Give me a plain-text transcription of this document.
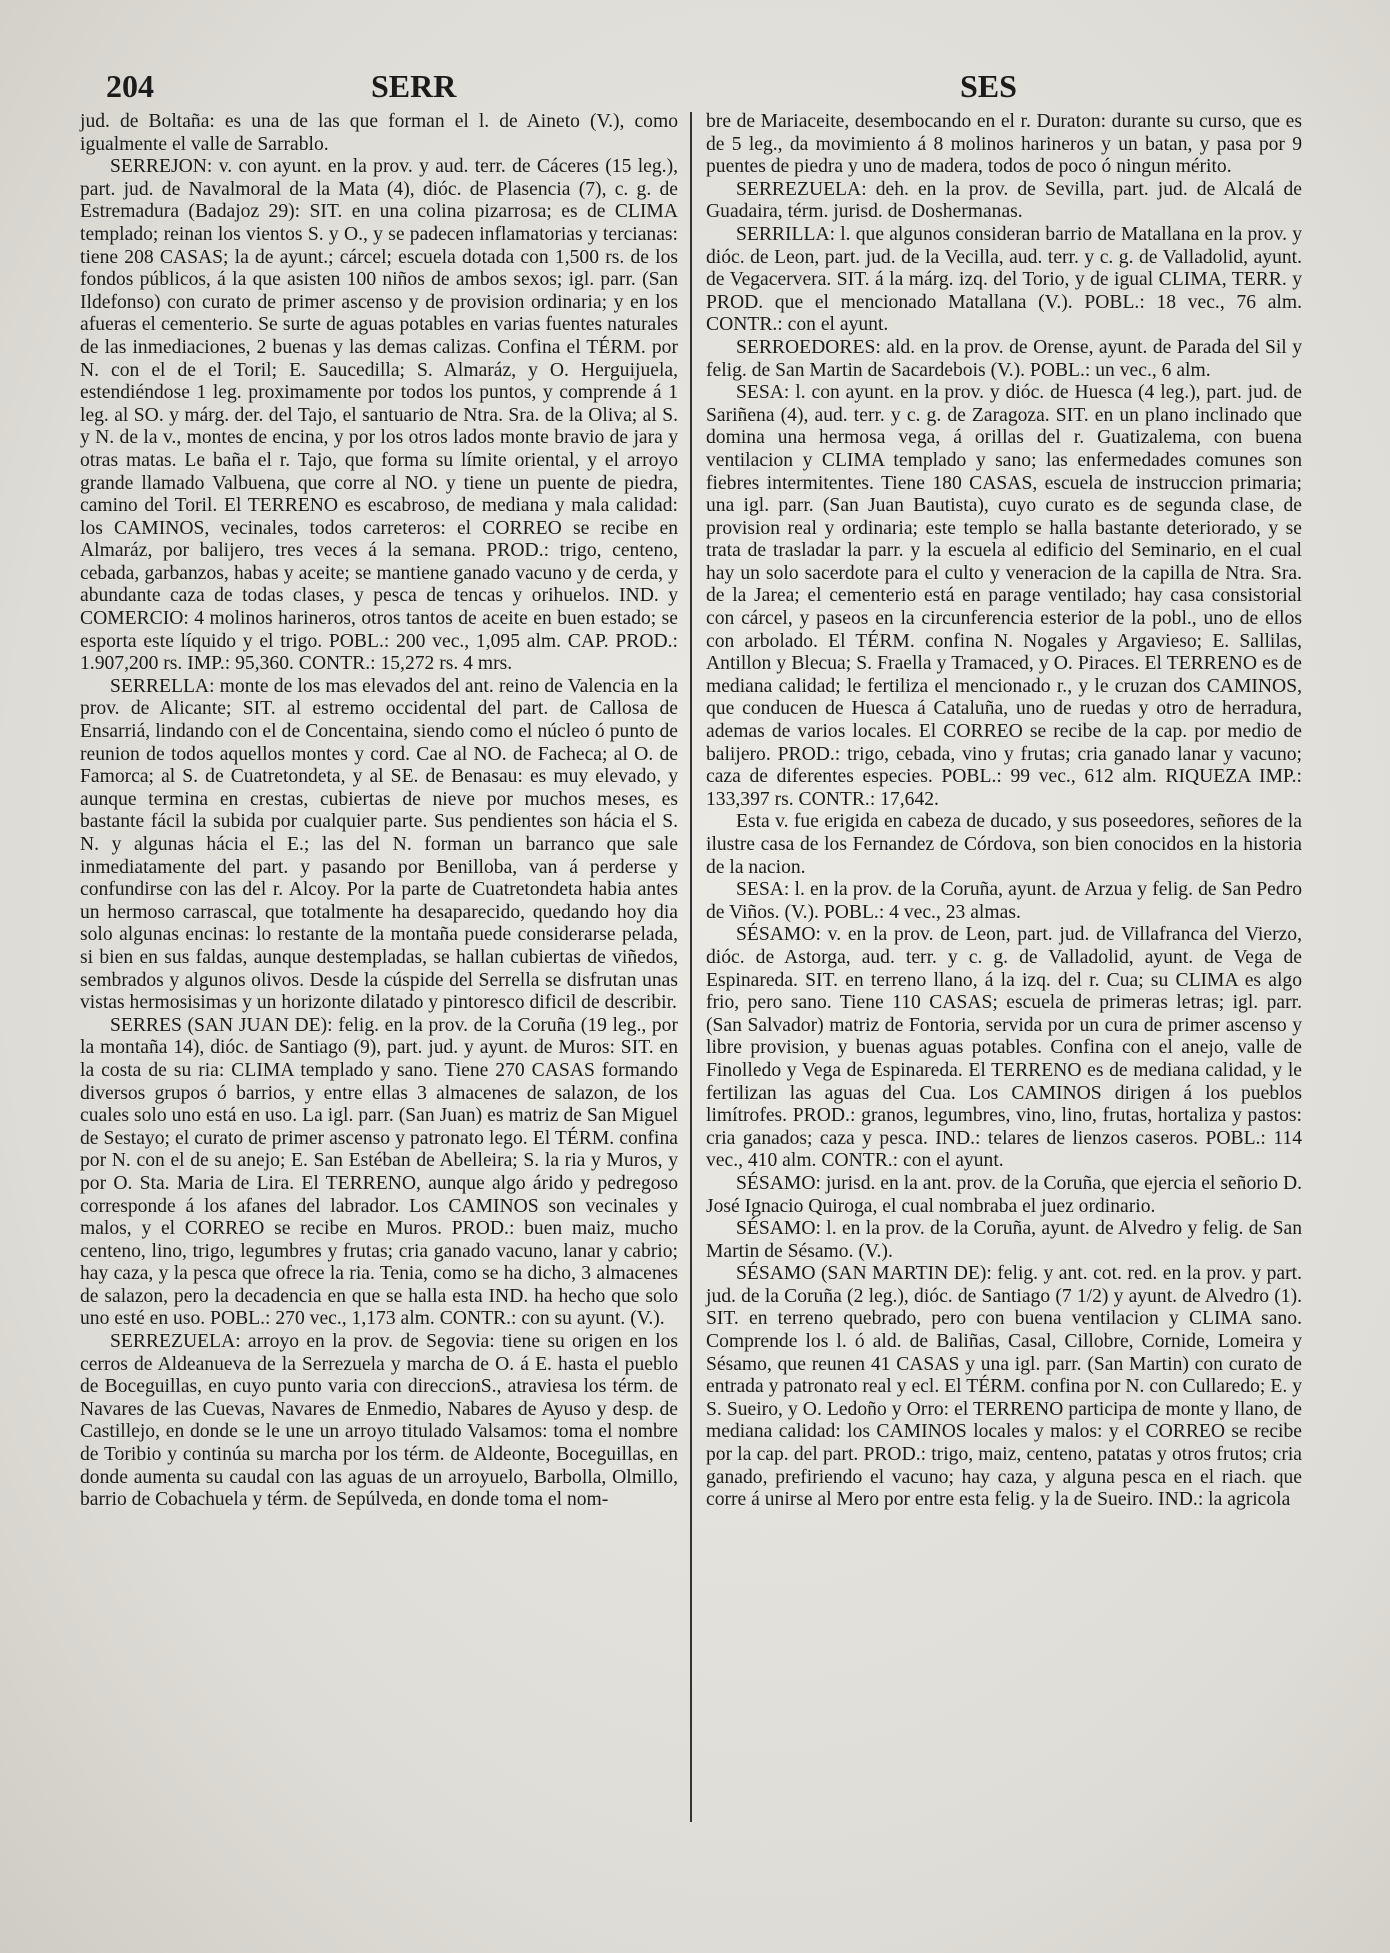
204	SERR	SES

jud. de Boltaña: es una de las que forman el l. de Aineto (V.), como igualmente el valle de Sarrablo.

SERREJON: v. con ayunt. en la prov. y aud. terr. de Cáceres (15 leg.), part. jud. de Navalmoral de la Mata (4), dióc. de Plasencia (7), c. g. de Estremadura (Badajoz 29): SIT. en una colina pizarrosa; es de CLIMA templado; reinan los vientos S. y O., y se padecen inflamatorias y tercianas: tiene 208 CASAS; la de ayunt.; cárcel; escuela dotada con 1,500 rs. de los fondos públicos, á la que asisten 100 niños de ambos sexos; igl. parr. (San Ildefonso) con curato de primer ascenso y de provision ordinaria; y en los afueras el cementerio. Se surte de aguas potables en varias fuentes naturales de las inmediaciones, 2 buenas y las demas calizas. Confina el TÉRM. por N. con el de el Toril; E. Saucedilla; S. Almaráz, y O. Herguijuela, estendiéndose 1 leg. proximamente por todos los puntos, y comprende á 1 leg. al SO. y márg. der. del Tajo, el santuario de Ntra. Sra. de la Oliva; al S. y N. de la v., montes de encina, y por los otros lados monte bravio de jara y otras matas. Le baña el r. Tajo, que forma su límite oriental, y el arroyo grande llamado Valbuena, que corre al NO. y tiene un puente de piedra, camino del Toril. El TERRENO es escabroso, de mediana y mala calidad: los CAMINOS, vecinales, todos carreteros: el CORREO se recibe en Almaráz, por balijero, tres veces á la semana. PROD.: trigo, centeno, cebada, garbanzos, habas y aceite; se mantiene ganado vacuno y de cerda, y abundante caza de todas clases, y pesca de tencas y orihuelos. IND. y COMERCIO: 4 molinos harineros, otros tantos de aceite en buen estado; se esporta este líquido y el trigo. POBL.: 200 vec., 1,095 alm. CAP. PROD.: 1.907,200 rs. IMP.: 95,360. CONTR.: 15,272 rs. 4 mrs.

SERRELLA: monte de los mas elevados del ant. reino de Valencia en la prov. de Alicante; SIT. al estremo occidental del part. de Callosa de Ensarriá, lindando con el de Concentaina, siendo como el núcleo ó punto de reunion de todos aquellos montes y cord. Cae al NO. de Facheca; al O. de Famorca; al S. de Cuatretondeta, y al SE. de Benasau: es muy elevado, y aunque termina en crestas, cubiertas de nieve por muchos meses, es bastante fácil la subida por cualquier parte. Sus pendientes son hácia el S. N. y algunas hácia el E.; las del N. forman un barranco que sale inmediatamente del part. y pasando por Benilloba, van á perderse y confundirse con las del r. Alcoy. Por la parte de Cuatretondeta habia antes un hermoso carrascal, que totalmente ha desaparecido, quedando hoy dia solo algunas encinas: lo restante de la montaña puede considerarse pelada, si bien en sus faldas, aunque destempladas, se hallan cubiertas de viñedos, sembrados y algunos olivos. Desde la cúspide del Serrella se disfrutan unas vistas hermosisimas y un horizonte dilatado y pintoresco dificil de describir.

SERRES (SAN JUAN DE): felig. en la prov. de la Coruña (19 leg., por la montaña 14), dióc. de Santiago (9), part. jud. y ayunt. de Muros: SIT. en la costa de su ria: CLIMA templado y sano. Tiene 270 CASAS formando diversos grupos ó barrios, y entre ellas 3 almacenes de salazon, de los cuales solo uno está en uso. La igl. parr. (San Juan) es matriz de San Miguel de Sestayo; el curato de primer ascenso y patronato lego. El TÉRM. confina por N. con el de su anejo; E. San Estéban de Abelleira; S. la ria y Muros, y por O. Sta. Maria de Lira. El TERRENO, aunque algo árido y pedregoso corresponde á los afanes del labrador. Los CAMINOS son vecinales y malos, y el CORREO se recibe en Muros. PROD.: buen maiz, mucho centeno, lino, trigo, legumbres y frutas; cria ganado vacuno, lanar y cabrio; hay caza, y la pesca que ofrece la ria. Tenia, como se ha dicho, 3 almacenes de salazon, pero la decadencia en que se halla esta IND. ha hecho que solo uno esté en uso. POBL.: 270 vec., 1,173 alm. CONTR.: con su ayunt. (V.).

SERREZUELA: arroyo en la prov. de Segovia: tiene su origen en los cerros de Aldeanueva de la Serrezuela y marcha de O. á E. hasta el pueblo de Boceguillas, en cuyo punto varia con direccionS., atraviesa los térm. de Navares de las Cuevas, Navares de Enmedio, Nabares de Ayuso y desp. de Castillejo, en donde se le une un arroyo titulado Valsamos: toma el nombre de Toribio y continúa su marcha por los térm. de Aldeonte, Boceguillas, en donde aumenta su caudal con las aguas de un arroyuelo, Barbolla, Olmillo, barrio de Cobachuela y térm. de Sepúlveda, en donde toma el nom-

bre de Mariaceite, desembocando en el r. Duraton: durante su curso, que es de 5 leg., da movimiento á 8 molinos harineros y un batan, y pasa por 9 puentes de piedra y uno de madera, todos de poco ó ningun mérito.

SERREZUELA: deh. en la prov. de Sevilla, part. jud. de Alcalá de Guadaira, térm. jurisd. de Doshermanas.

SERRILLA: l. que algunos consideran barrio de Matallana en la prov. y dióc. de Leon, part. jud. de la Vecilla, aud. terr. y c. g. de Valladolid, ayunt. de Vegacervera. SIT. á la márg. izq. del Torio, y de igual CLIMA, TERR. y PROD. que el mencionado Matallana (V.). POBL.: 18 vec., 76 alm. CONTR.: con el ayunt.

SERROEDORES: ald. en la prov. de Orense, ayunt. de Parada del Sil y felig. de San Martin de Sacardebois (V.). POBL.: un vec., 6 alm.

SESA: l. con ayunt. en la prov. y dióc. de Huesca (4 leg.), part. jud. de Sariñena (4), aud. terr. y c. g. de Zaragoza. SIT. en un plano inclinado que domina una hermosa vega, á orillas del r. Guatizalema, con buena ventilacion y CLIMA templado y sano; las enfermedades comunes son fiebres intermitentes. Tiene 180 CASAS, escuela de instruccion primaria; una igl. parr. (San Juan Bautista), cuyo curato es de segunda clase, de provision real y ordinaria; este templo se halla bastante deteriorado, y se trata de trasladar la parr. y la escuela al edificio del Seminario, en el cual hay un solo sacerdote para el culto y veneracion de la capilla de Ntra. Sra. de la Jarea; el cementerio está en parage ventilado; hay casa consistorial con cárcel, y paseos en la circunferencia esterior de la pobl., uno de ellos con arbolado. El TÉRM. confina N. Nogales y Argavieso; E. Sallilas, Antillon y Blecua; S. Fraella y Tramaced, y O. Piraces. El TERRENO es de mediana calidad; le fertiliza el mencionado r., y le cruzan dos CAMINOS, que conducen de Huesca á Cataluña, uno de ruedas y otro de herradura, ademas de varios locales. El CORREO se recibe de la cap. por medio de balijero. PROD.: trigo, cebada, vino y frutas; cria ganado lanar y vacuno; caza de diferentes especies. POBL.: 99 vec., 612 alm. RIQUEZA IMP.: 133,397 rs. CONTR.: 17,642.

Esta v. fue erigida en cabeza de ducado, y sus poseedores, señores de la ilustre casa de los Fernandez de Córdova, son bien conocidos en la historia de la nacion.

SESA: l. en la prov. de la Coruña, ayunt. de Arzua y felig. de San Pedro de Viños. (V.). POBL.: 4 vec., 23 almas.

SÉSAMO: v. en la prov. de Leon, part. jud. de Villafranca del Vierzo, dióc. de Astorga, aud. terr. y c. g. de Valladolid, ayunt. de Vega de Espinareda. SIT. en terreno llano, á la izq. del r. Cua; su CLIMA es algo frio, pero sano. Tiene 110 CASAS; escuela de primeras letras; igl. parr. (San Salvador) matriz de Fontoria, servida por un cura de primer ascenso y libre provision, y buenas aguas potables. Confina con el anejo, valle de Finolledo y Vega de Espinareda. El TERRENO es de mediana calidad, y le fertilizan las aguas del Cua. Los CAMINOS dirigen á los pueblos limítrofes. PROD.: granos, legumbres, vino, lino, frutas, hortaliza y pastos: cria ganados; caza y pesca. IND.: telares de lienzos caseros. POBL.: 114 vec., 410 alm. CONTR.: con el ayunt.

SÉSAMO: jurisd. en la ant. prov. de la Coruña, que ejercia el señorio D. José Ignacio Quiroga, el cual nombraba el juez ordinario.

SÉSAMO: l. en la prov. de la Coruña, ayunt. de Alvedro y felig. de San Martin de Sésamo. (V.).

SÉSAMO (SAN MARTIN DE): felig. y ant. cot. red. en la prov. y part. jud. de la Coruña (2 leg.), dióc. de Santiago (7 1/2) y ayunt. de Alvedro (1). SIT. en terreno quebrado, pero con buena ventilacion y CLIMA sano. Comprende los l. ó ald. de Baliñas, Casal, Cillobre, Cornide, Lomeira y Sésamo, que reunen 41 CASAS y una igl. parr. (San Martin) con curato de entrada y patronato real y ecl. El TÉRM. confina por N. con Cullaredo; E. y S. Sueiro, y O. Ledoño y Orro: el TERRENO participa de monte y llano, de mediana calidad: los CAMINOS locales y malos: y el CORREO se recibe por la cap. del part. PROD.: trigo, maiz, centeno, patatas y otros frutos; cria ganado, prefiriendo el vacuno; hay caza, y alguna pesca en el riach. que corre á unirse al Mero por entre esta felig. y la de Sueiro. IND.: la agricola
